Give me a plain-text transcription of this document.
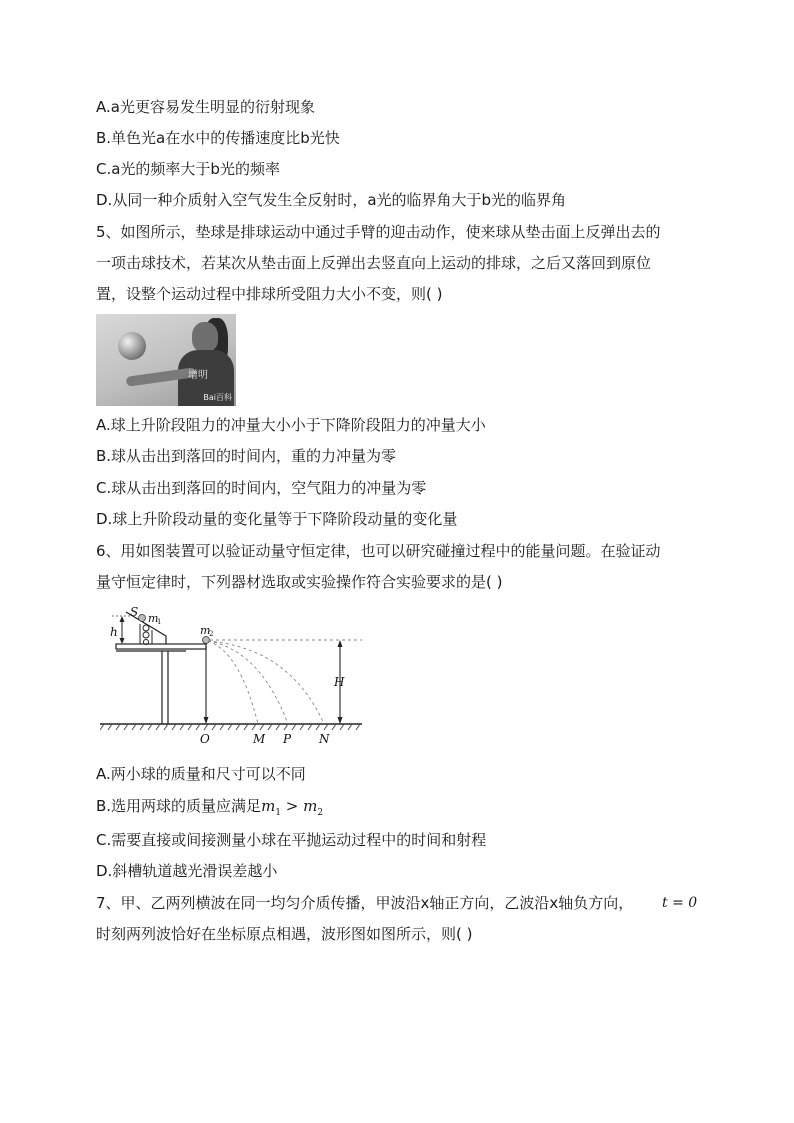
A.a光更容易发生明显的衍射现象
B.单色光a在水中的传播速度比b光快
C.a光的频率大于b光的频率
D.从同一种介质射入空气发生全反射时，a光的临界角大于b光的临界角
5、如图所示，垫球是排球运动中通过手臂的迎击动作，使来球从垫击面上反弹出去的
一项击球技术，若某次从垫击面上反弹出去竖直向上运动的排球，之后又落回到原位
置，设整个运动过程中排球所受阻力大小不变，则( )
增明
Bai百科
A.球上升阶段阻力的冲量大小小于下降阶段阻力的冲量大小
B.球从击出到落回的时间内，重的力冲量为零
C.球从击出到落回的时间内，空气阻力的冲量为零
D.球上升阶段动量的变化量等于下降阶段动量的变化量
6、用如图装置可以验证动量守恒定律，也可以研究碰撞过程中的能量问题。在验证动
量守恒定律时，下列器材选取或实验操作符合实验要求的是( )
S m
1
m
2
h
H
O	M P N
A.两小球的质量和尺寸可以不同
B.选用两球的质量应满足$m_1 > m_2$
C.需要直接或间接测量小球在平抛运动过程中的时间和射程
D.斜槽轨道越光滑误差越小
7、甲、乙两列横波在同一均匀介质传播，甲波沿x轴正方向，乙波沿x轴负方向， t = 0
时刻两列波恰好在坐标原点相遇，波形图如图所示，则( )
